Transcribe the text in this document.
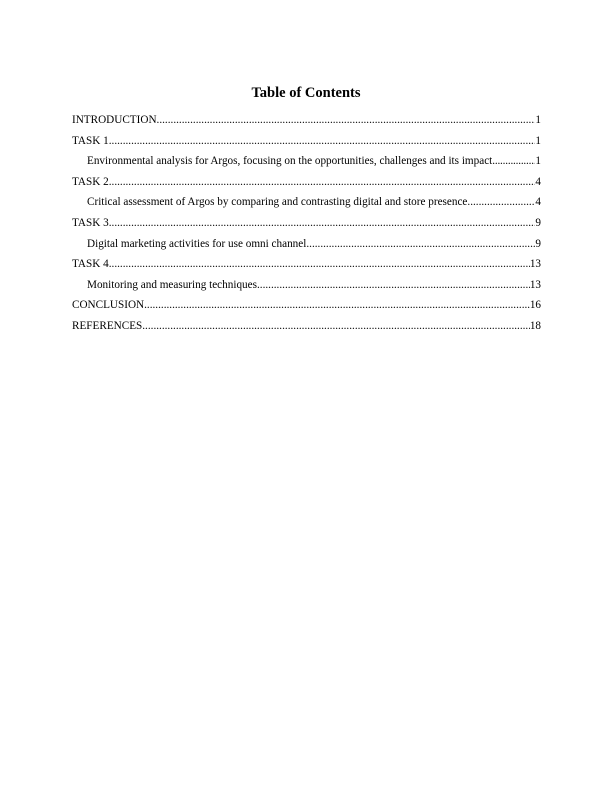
Table of Contents
INTRODUCTION .....	1
TASK 1 .....	1
Environmental analysis for Argos, focusing on the opportunities, challenges and its impact .....	1
TASK 2 .....	4
Critical assessment of Argos by comparing and contrasting digital and store presence .....	4
TASK 3 .....	9
Digital marketing activities for use omni channel .....	9
TASK 4 .....	13
Monitoring and measuring techniques .....	13
CONCLUSION .....	16
REFERENCES .....	18
